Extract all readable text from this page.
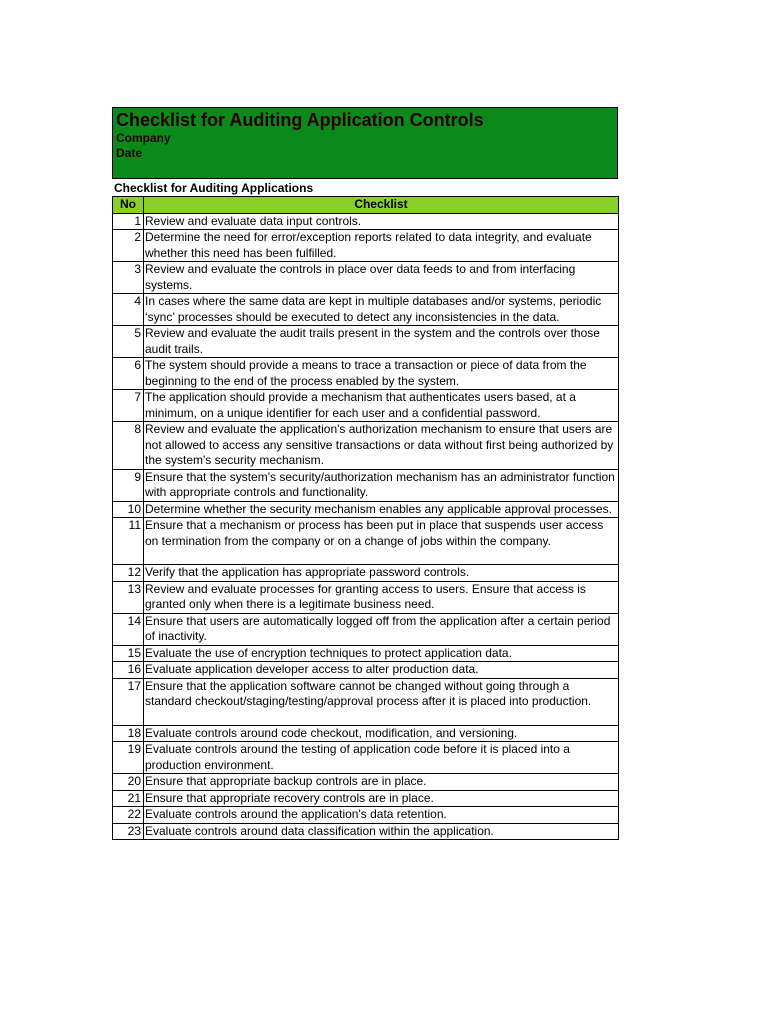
Checklist for Auditing Application Controls
Company
Date
Checklist for Auditing Applications
No	Checklist
1	Review and evaluate data input controls.
2	Determine the need for error/exception reports related to data integrity, and evaluate whether this need has been fulfilled.
3	Review and evaluate the controls in place over data feeds to and from interfacing systems.
4	In cases where the same data are kept in multiple databases and/or systems, periodic ‘sync’ processes should be executed to detect any inconsistencies in the data.
5	Review and evaluate the audit trails present in the system and the controls over those audit trails.
6	The system should provide a means to trace a transaction or piece of data from the beginning to the end of the process enabled by the system.
7	The application should provide a mechanism that authenticates users based, at a minimum, on a unique identifier for each user and a confidential password.
8	Review and evaluate the application's authorization mechanism to ensure that users are not allowed to access any sensitive transactions or data without first being authorized by the system's security mechanism.
9	Ensure that the system's security/authorization mechanism has an administrator function with appropriate controls and functionality.
10	Determine whether the security mechanism enables any applicable approval processes.
11	Ensure that a mechanism or process has been put in place that suspends user access on termination from the company or on a change of jobs within the company.
12	Verify that the application has appropriate password controls.
13	Review and evaluate processes for granting access to users. Ensure that access is granted only when there is a legitimate business need.
14	Ensure that users are automatically logged off from the application after a certain period of inactivity.
15	Evaluate the use of encryption techniques to protect application data.
16	Evaluate application developer access to alter production data.
17	Ensure that the application software cannot be changed without going through a standard checkout/staging/testing/approval process after it is placed into production.
18	Evaluate controls around code checkout, modification, and versioning.
19	Evaluate controls around the testing of application code before it is placed into a production environment.
20	Ensure that appropriate backup controls are in place.
21	Ensure that appropriate recovery controls are in place.
22	Evaluate controls around the application's data retention.
23	Evaluate controls around data classification within the application.
